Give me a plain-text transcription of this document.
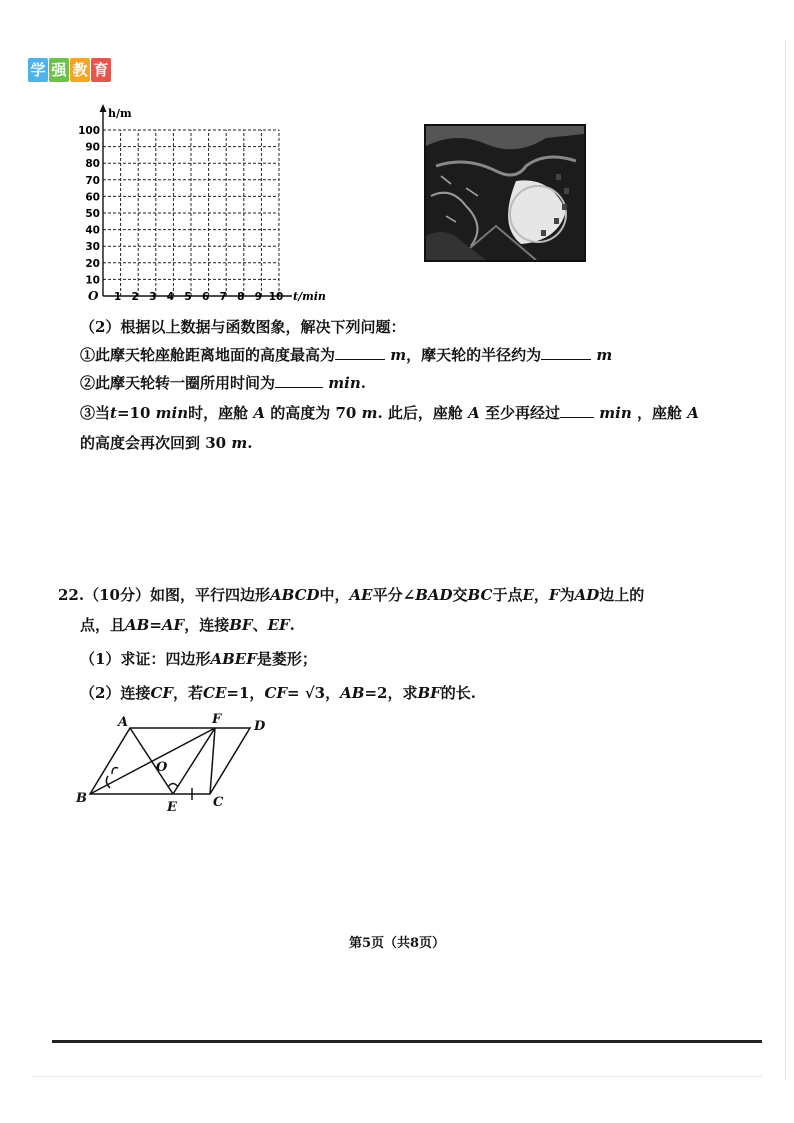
学 强 教 育
h/m
t/min
O
10
20
30
40
50
60
70
80
90
100
1 2 3 4 5 6 7 8 9 10
（2）根据以上数据与函数图象，解决下列问题：
①此摩天轮座舱距离地面的高度最高为	m，摩天轮的半径约为	m
②此摩天轮转一圈所用时间为	min.
③当t=10 min时，座舱 A 的高度为 70 m. 此后，座舱 A 至少再经过	min ，座舱 A
的高度会再次回到 30 m.
22.（10分）如图，平行四边形ABCD中，AE平分∠BAD交BC于点E，F为AD边上的
点，且AB=AF，连接BF、EF.
（1）求证：四边形ABEF是菱形；
（2）连接CF，若CE=1，CF= √3，AB=2，求BF的长.
A	F	D
O
B
E	C
第5页（共8页）
